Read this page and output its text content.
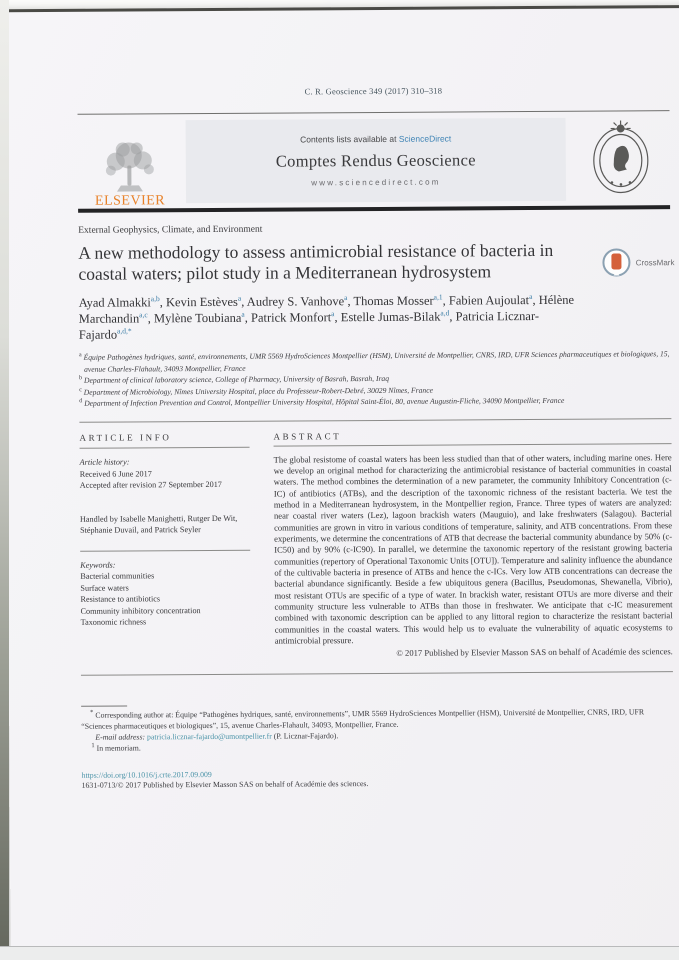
C. R. Geoscience 349 (2017) 310–318
ELSEVIER
Contents lists available at ScienceDirect
Comptes Rendus Geoscience
www.sciencedirect.com
External Geophysics, Climate, and Environment
A new methodology to assess antimicrobial resistance of bacteria in coastal waters; pilot study in a Mediterranean hydrosystem
Ayad Almakki$^{a,b}$, Kevin Estèves$^a$, Audrey S. Vanhove$^a$, Thomas Mosser$^{a,1}$, Fabien Aujoulat$^a$, Hélène Marchandin$^{a,c}$, Mylène Toubiana$^a$, Patrick Monfort$^a$, Estelle Jumas-Bilak$^{a,d}$, Patricia Licznar-Fajardo$^{a,d,*}$
$^a$ Équipe Pathogènes hydriques, santé, environnements, UMR 5569 HydroSciences Montpellier (HSM), Université de Montpellier, CNRS, IRD, UFR Sciences pharmaceutiques et biologiques, 15, avenue Charles-Flahault, 34093 Montpellier, France
$^b$ Department of clinical laboratory science, College of Pharmacy, University of Basrah, Basrah, Iraq
$^c$ Department of Microbiology, Nîmes University Hospital, place du Professeur-Robert-Debré, 30029 Nîmes, France
$^d$ Department of Infection Prevention and Control, Montpellier University Hospital, Hôpital Saint-Éloi, 80, avenue Augustin-Fliche, 34090 Montpellier, France
ARTICLE INFO
Article history:
Received 6 June 2017
Accepted after revision 27 September 2017
Handled by Isabelle Manighetti, Rutger De Wit, Stéphanie Duvail, and Patrick Seyler
Keywords:
Bacterial communities
Surface waters
Resistance to antibiotics
Community inhibitory concentration
Taxonomic richness
ABSTRACT
The global resistome of coastal waters has been less studied than that of other waters, including marine ones. Here we develop an original method for characterizing the antimicrobial resistance of bacterial communities in coastal waters. The method combines the determination of a new parameter, the community Inhibitory Concentration (c-IC) of antibiotics (ATBs), and the description of the taxonomic richness of the resistant bacteria. We test the method in a Mediterranean hydrosystem, in the Montpellier region, France. Three types of waters are analyzed: near coastal river waters (Lez), lagoon brackish waters (Mauguio), and lake freshwaters (Salagou). Bacterial communities are grown in vitro in various conditions of temperature, salinity, and ATB concentrations. From these experiments, we determine the concentrations of ATB that decrease the bacterial community abundance by 50% (c-IC50) and by 90% (c-IC90). In parallel, we determine the taxonomic repertory of the resistant growing bacteria communities (repertory of Operational Taxonomic Units [OTU]). Temperature and salinity influence the abundance of the cultivable bacteria in presence of ATBs and hence the c-ICs. Very low ATB concentrations can decrease the bacterial abundance significantly. Beside a few ubiquitous genera (Bacillus, Pseudomonas, Shewanella, Vibrio), most resistant OTUs are specific of a type of water. In brackish water, resistant OTUs are more diverse and their community structure less vulnerable to ATBs than those in freshwater. We anticipate that c-IC measurement combined with taxonomic description can be applied to any littoral region to characterize the resistant bacterial communities in the coastal waters. This would help us to evaluate the vulnerability of aquatic ecosystems to antimicrobial pressure.
© 2017 Published by Elsevier Masson SAS on behalf of Académie des sciences.
* Corresponding author at: Équipe “Pathogènes hydriques, santé, environnements”, UMR 5569 HydroSciences Montpellier (HSM), Université de Montpellier, CNRS, IRD, UFR “Sciences pharmaceutiques et biologiques”, 15, avenue Charles-Flahault, 34093, Montpellier, France.
E-mail address: patricia.licznar-fajardo@umontpellier.fr (P. Licznar-Fajardo).
$^1$ In memoriam.
https://doi.org/10.1016/j.crte.2017.09.009
1631-0713/© 2017 Published by Elsevier Masson SAS on behalf of Académie des sciences.
CrossMark
